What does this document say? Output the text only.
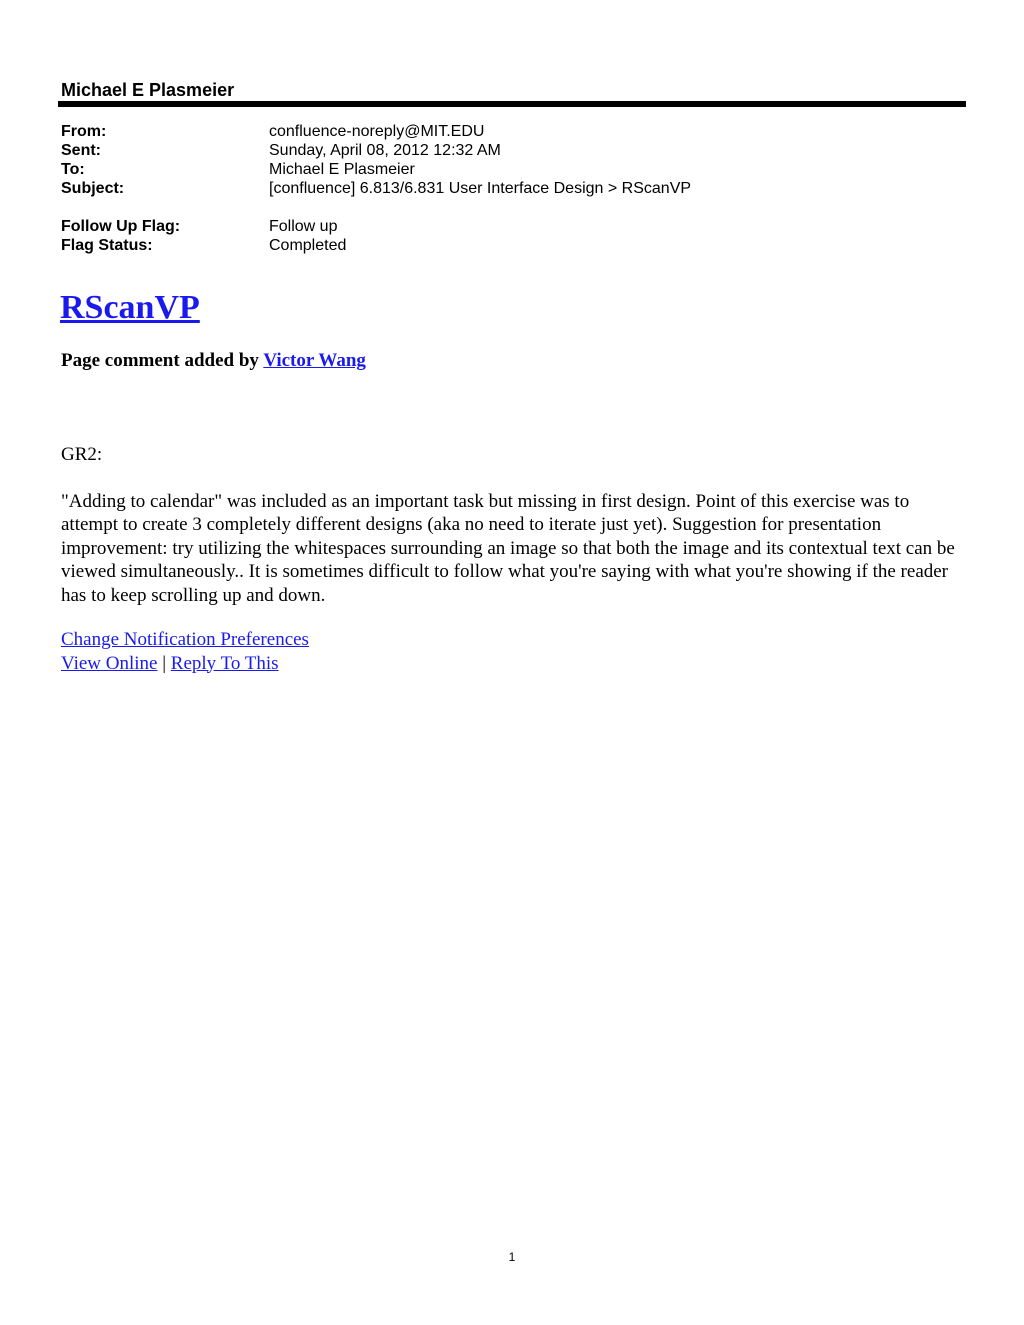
Michael E Plasmeier
From:	confluence-noreply@MIT.EDU
Sent:	Sunday, April 08, 2012 12:32 AM
To:	Michael E Plasmeier
Subject:	[confluence] 6.813/6.831 User Interface Design > RScanVP
Follow Up Flag:	Follow up
Flag Status:	Completed
RScanVP
Page comment added by Victor Wang
GR2:
"Adding to calendar" was included as an important task but missing in first design. Point of this exercise was to attempt to create 3 completely different designs (aka no need to iterate just yet). Suggestion for presentation improvement: try utilizing the whitespaces surrounding an image so that both the image and its contextual text can be viewed simultaneously.. It is sometimes difficult to follow what you're saying with what you're showing if the reader has to keep scrolling up and down.
Change Notification Preferences
View Online | Reply To This
1
